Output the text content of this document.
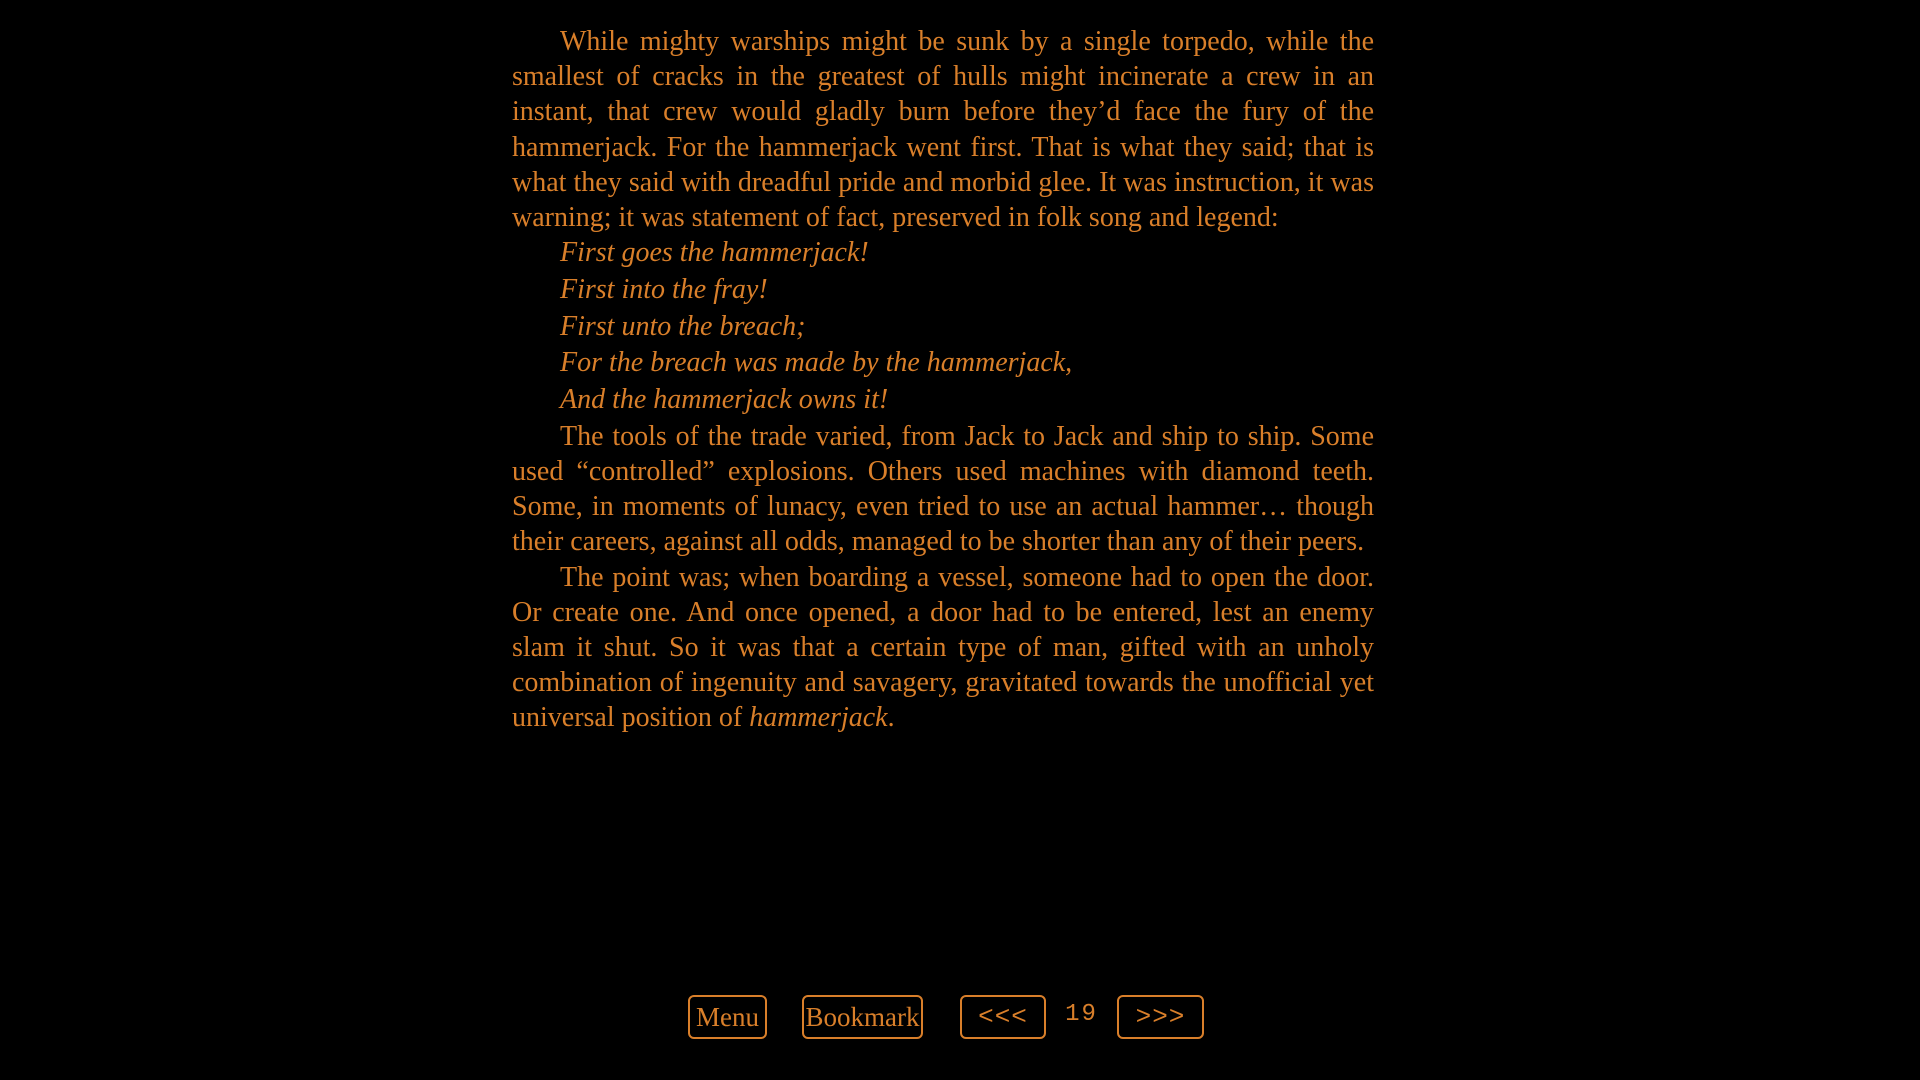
While mighty warships might be sunk by a single torpedo, while the smallest of cracks in the greatest of hulls might incinerate a crew in an instant, that crew would gladly burn before they’d face the fury of the hammerjack. For the hammerjack went first. That is what they said; that is what they said with dreadful pride and morbid glee. It was instruction, it was warning; it was statement of fact, preserved in folk song and legend:

First goes the hammerjack!
First into the fray!
First unto the breach;
For the breach was made by the hammerjack,
And the hammerjack owns it!

The tools of the trade varied, from Jack to Jack and ship to ship. Some used “controlled” explosions. Others used machines with diamond teeth. Some, in moments of lunacy, even tried to use an actual hammer… though their careers, against all odds, managed to be shorter than any of their peers.

The point was; when boarding a vessel, someone had to open the door. Or create one. And once opened, a door had to be entered, lest an enemy slam it shut. So it was that a certain type of man, gifted with an unholy combination of ingenuity and savagery, gravitated towards the unofficial yet universal position of hammerjack.

Menu Bookmark	<<<	19	>>>
